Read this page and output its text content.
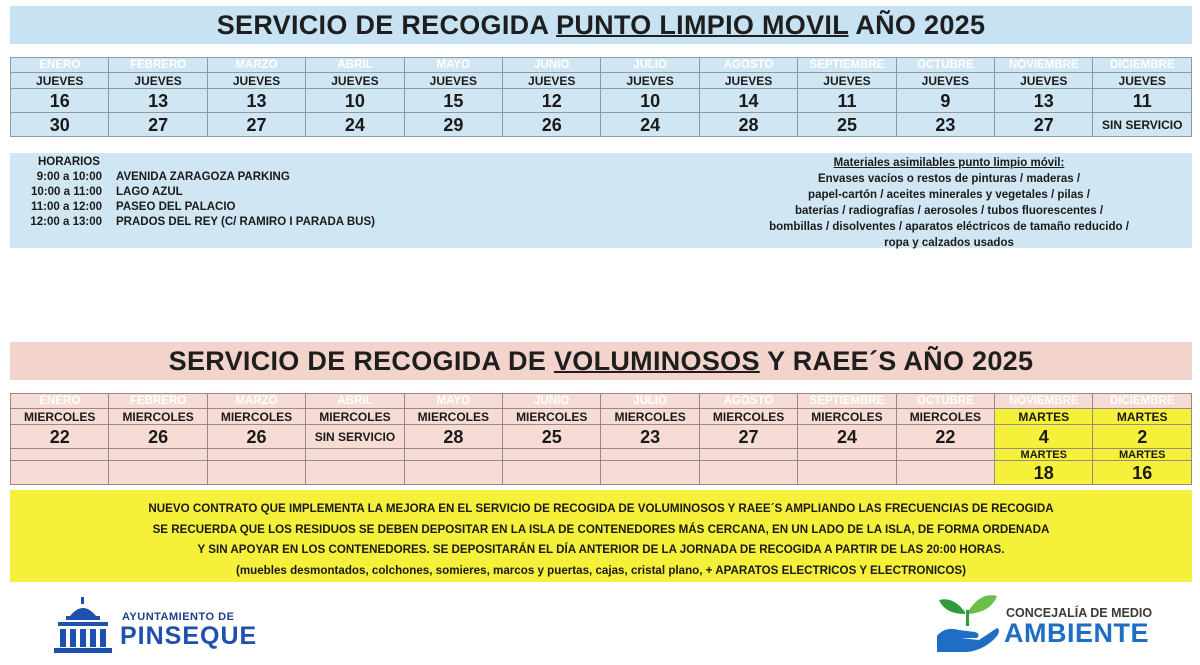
SERVICIO DE RECOGIDA PUNTO LIMPIO MOVIL AÑO 2025
ENERO	FEBRERO	MARZO	ABRIL	MAYO	JUNIO	JULIO	AGOSTO	SEPTIEMBRE	OCTUBRE	NOVIEMBRE	DICIEMBRE
JUEVES	JUEVES	JUEVES	JUEVES	JUEVES	JUEVES	JUEVES	JUEVES	JUEVES	JUEVES	JUEVES	JUEVES
16	13	13	10	15	12	10	14	11	9	13	11
30	27	27	24	29	26	24	28	25	23	27	SIN SERVICIO
HORARIOS
9:00 a 10:00	AVENIDA ZARAGOZA PARKING
10:00 a 11:00	LAGO AZUL
11:00 a 12:00	PASEO DEL PALACIO
12:00 a 13:00	PRADOS DEL REY (C/ RAMIRO I PARADA BUS)
Materiales asimilables punto limpio móvil:
Envases vacíos o restos de pinturas / maderas /
papel-cartón / aceites minerales y vegetales / pilas /
baterías / radiografías / aerosoles / tubos fluorescentes /
bombillas / disolventes / aparatos eléctricos de tamaño reducido /
ropa y calzados usados
SERVICIO DE RECOGIDA DE VOLUMINOSOS Y RAEE´S AÑO 2025
ENERO	FEBRERO	MARZO	ABRIL	MAYO	JUNIO	JULIO	AGOSTO	SEPTIEMBRE	OCTUBRE	NOVIEMBRE	DICIEMBRE
MIERCOLES	MIERCOLES	MIERCOLES	MIERCOLES	MIERCOLES	MIERCOLES	MIERCOLES	MIERCOLES	MIERCOLES	MIERCOLES	MARTES	MARTES
22	26	26	SIN SERVICIO	28	25	23	27	24	22	4	2
										MARTES	MARTES
										18	16
NUEVO CONTRATO QUE IMPLEMENTA LA MEJORA EN EL SERVICIO DE RECOGIDA DE VOLUMINOSOS Y RAEE´S AMPLIANDO LAS FRECUENCIAS DE RECOGIDA
SE RECUERDA QUE LOS RESIDUOS SE DEBEN DEPOSITAR EN LA ISLA DE CONTENEDORES MÁS CERCANA, EN UN LADO DE LA ISLA, DE FORMA ORDENADA
Y SIN APOYAR EN LOS CONTENEDORES. SE DEPOSITARÁN EL DÍA ANTERIOR DE LA JORNADA DE RECOGIDA A PARTIR DE LAS 20:00 HORAS.
(muebles desmontados, colchones, somieres, marcos y puertas, cajas, cristal plano, + APARATOS ELECTRICOS Y ELECTRONICOS)
AYUNTAMIENTO DE
PINSEQUE
CONCEJALÍA DE MEDIO
AMBIENTE
